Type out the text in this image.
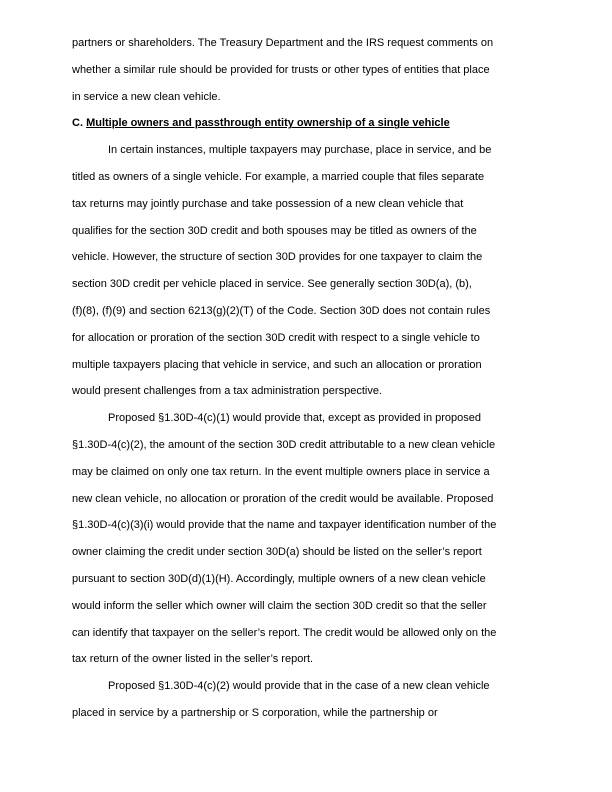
partners or shareholders. The Treasury Department and the IRS request comments on

whether a similar rule should be provided for trusts or other types of entities that place

in service a new clean vehicle.

C. Multiple owners and passthrough entity ownership of a single vehicle

In certain instances, multiple taxpayers may purchase, place in service, and be

titled as owners of a single vehicle. For example, a married couple that files separate

tax returns may jointly purchase and take possession of a new clean vehicle that

qualifies for the section 30D credit and both spouses may be titled as owners of the

vehicle. However, the structure of section 30D provides for one taxpayer to claim the

section 30D credit per vehicle placed in service. See generally section 30D(a), (b),

(f)(8), (f)(9) and section 6213(g)(2)(T) of the Code. Section 30D does not contain rules

for allocation or proration of the section 30D credit with respect to a single vehicle to

multiple taxpayers placing that vehicle in service, and such an allocation or proration

would present challenges from a tax administration perspective.

Proposed §1.30D-4(c)(1) would provide that, except as provided in proposed

§1.30D-4(c)(2), the amount of the section 30D credit attributable to a new clean vehicle

may be claimed on only one tax return. In the event multiple owners place in service a

new clean vehicle, no allocation or proration of the credit would be available. Proposed

§1.30D-4(c)(3)(i) would provide that the name and taxpayer identification number of the

owner claiming the credit under section 30D(a) should be listed on the seller’s report

pursuant to section 30D(d)(1)(H). Accordingly, multiple owners of a new clean vehicle

would inform the seller which owner will claim the section 30D credit so that the seller

can identify that taxpayer on the seller’s report. The credit would be allowed only on the

tax return of the owner listed in the seller’s report.

Proposed §1.30D-4(c)(2) would provide that in the case of a new clean vehicle

placed in service by a partnership or S corporation, while the partnership or
